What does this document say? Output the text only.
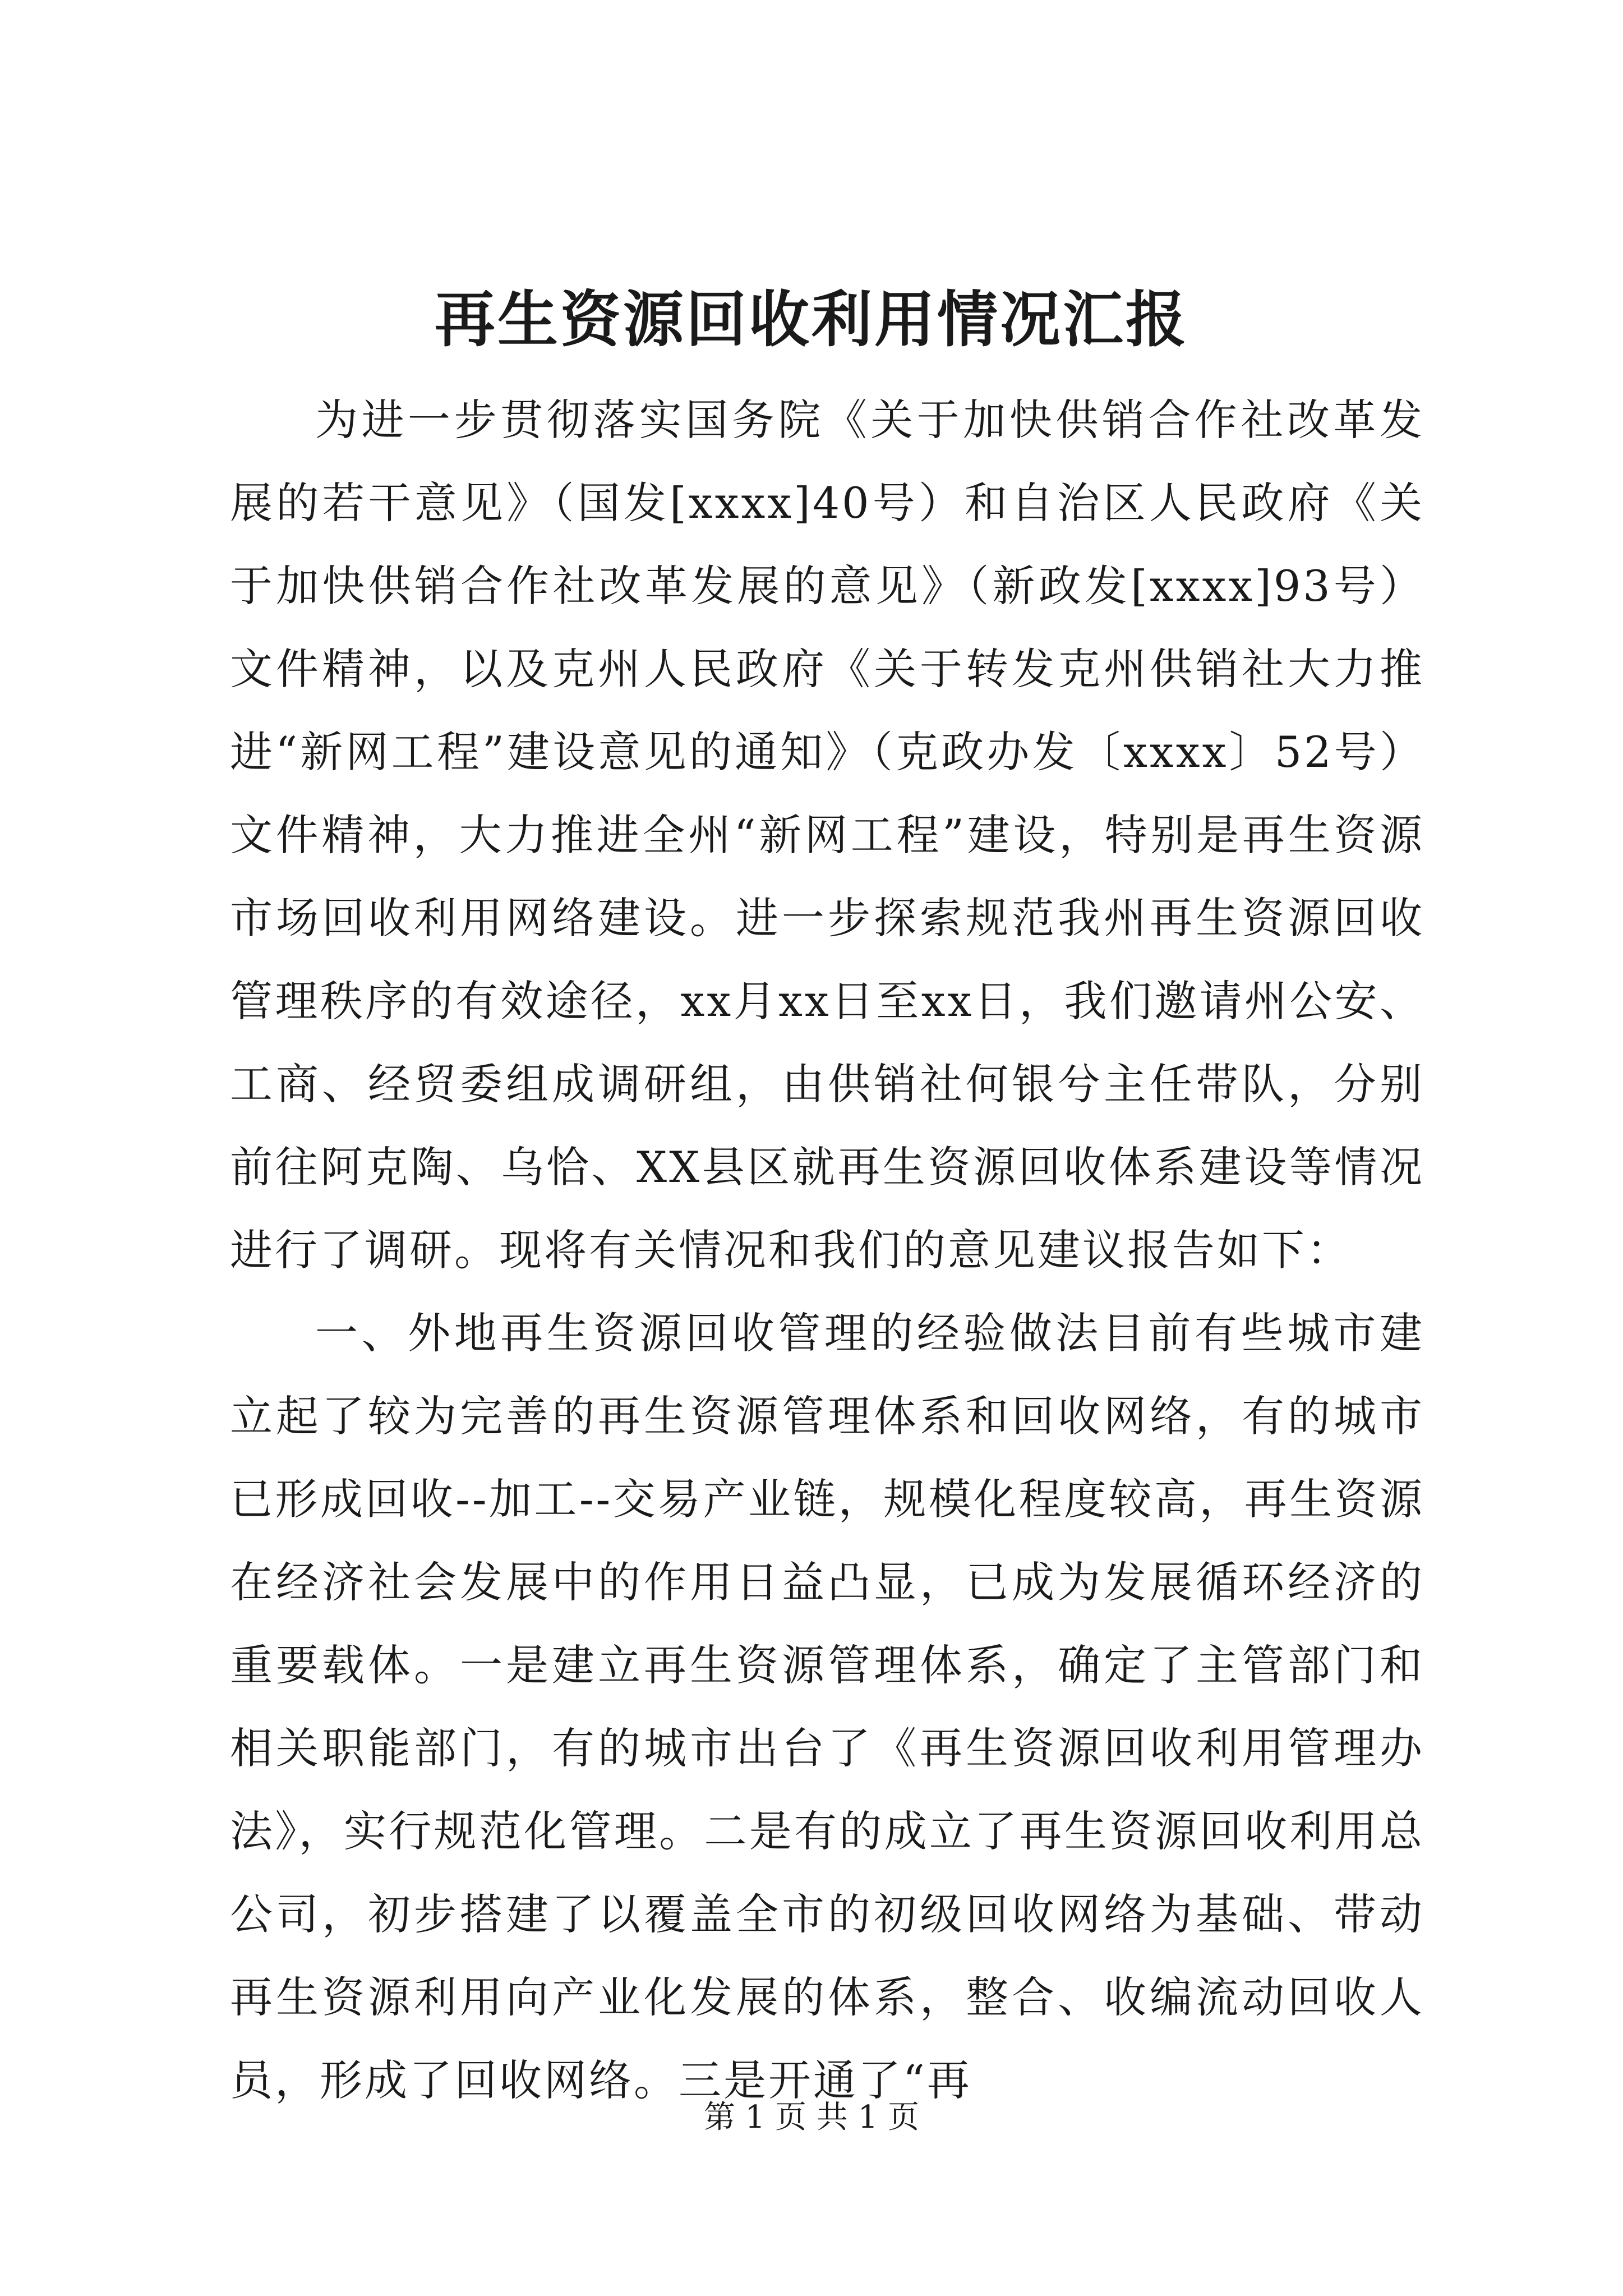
再生资源回收利用情况汇报

为进一步贯彻落实国务院《关于加快供销合作社改革发展的若干意见》（国发[xxxx]40号）和自治区人民政府《关于加快供销合作社改革发展的意见》（新政发[xxxx]93号）文件精神，以及克州人民政府《关于转发克州供销社大力推进“新网工程”建设意见的通知》（克政办发〔xxxx〕52号）文件精神，大力推进全州“新网工程”建设，特别是再生资源市场回收利用网络建设。进一步探索规范我州再生资源回收管理秩序的有效途径，xx月xx日至xx日，我们邀请州公安、工商、经贸委组成调研组，由供销社何银兮主任带队，分别前往阿克陶、乌恰、XX县区就再生资源回收体系建设等情况进行了调研。现将有关情况和我们的意见建议报告如下：

一、外地再生资源回收管理的经验做法目前有些城市建立起了较为完善的再生资源管理体系和回收网络，有的城市已形成回收--加工--交易产业链，规模化程度较高，再生资源在经济社会发展中的作用日益凸显，已成为发展循环经济的重要载体。一是建立再生资源管理体系，确定了主管部门和相关职能部门，有的城市出台了《再生资源回收利用管理办法》，实行规范化管理。二是有的成立了再生资源回收利用总公司，初步搭建了以覆盖全市的初级回收网络为基础、带动再生资源利用向产业化发展的体系，整合、收编流动回收人员，形成了回收网络。三是开通了“再

第 1 页 共 1 页
